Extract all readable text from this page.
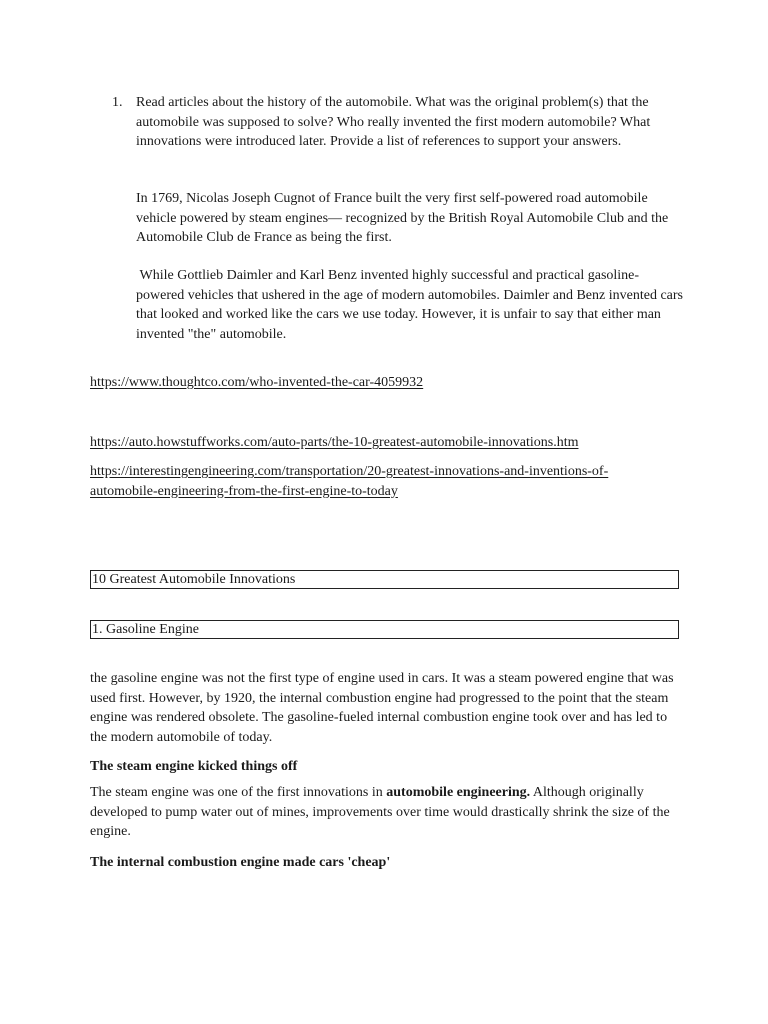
1. Read articles about the history of the automobile. What was the original problem(s) that the automobile was supposed to solve? Who really invented the first modern automobile? What innovations were introduced later. Provide a list of references to support your answers.

In 1769, Nicolas Joseph Cugnot of France built the very first self-powered road automobile vehicle powered by steam engines— recognized by the British Royal Automobile Club and the Automobile Club de France as being the first.

While Gottlieb Daimler and Karl Benz invented highly successful and practical gasoline-powered vehicles that ushered in the age of modern automobiles. Daimler and Benz invented cars that looked and worked like the cars we use today. However, it is unfair to say that either man invented "the" automobile.

https://www.thoughtco.com/who-invented-the-car-4059932
https://auto.howstuffworks.com/auto-parts/the-10-greatest-automobile-innovations.htm
https://interestingengineering.com/transportation/20-greatest-innovations-and-inventions-of-automobile-engineering-from-the-first-engine-to-today
10 Greatest Automobile Innovations
1. Gasoline Engine

the gasoline engine was not the first type of engine used in cars. It was a steam powered engine that was used first. However, by 1920, the internal combustion engine had progressed to the point that the steam engine was rendered obsolete. The gasoline-fueled internal combustion engine took over and has led to the modern automobile of today.

The steam engine kicked things off

The steam engine was one of the first innovations in automobile engineering. Although originally developed to pump water out of mines, improvements over time would drastically shrink the size of the engine.

The internal combustion engine made cars 'cheap'
